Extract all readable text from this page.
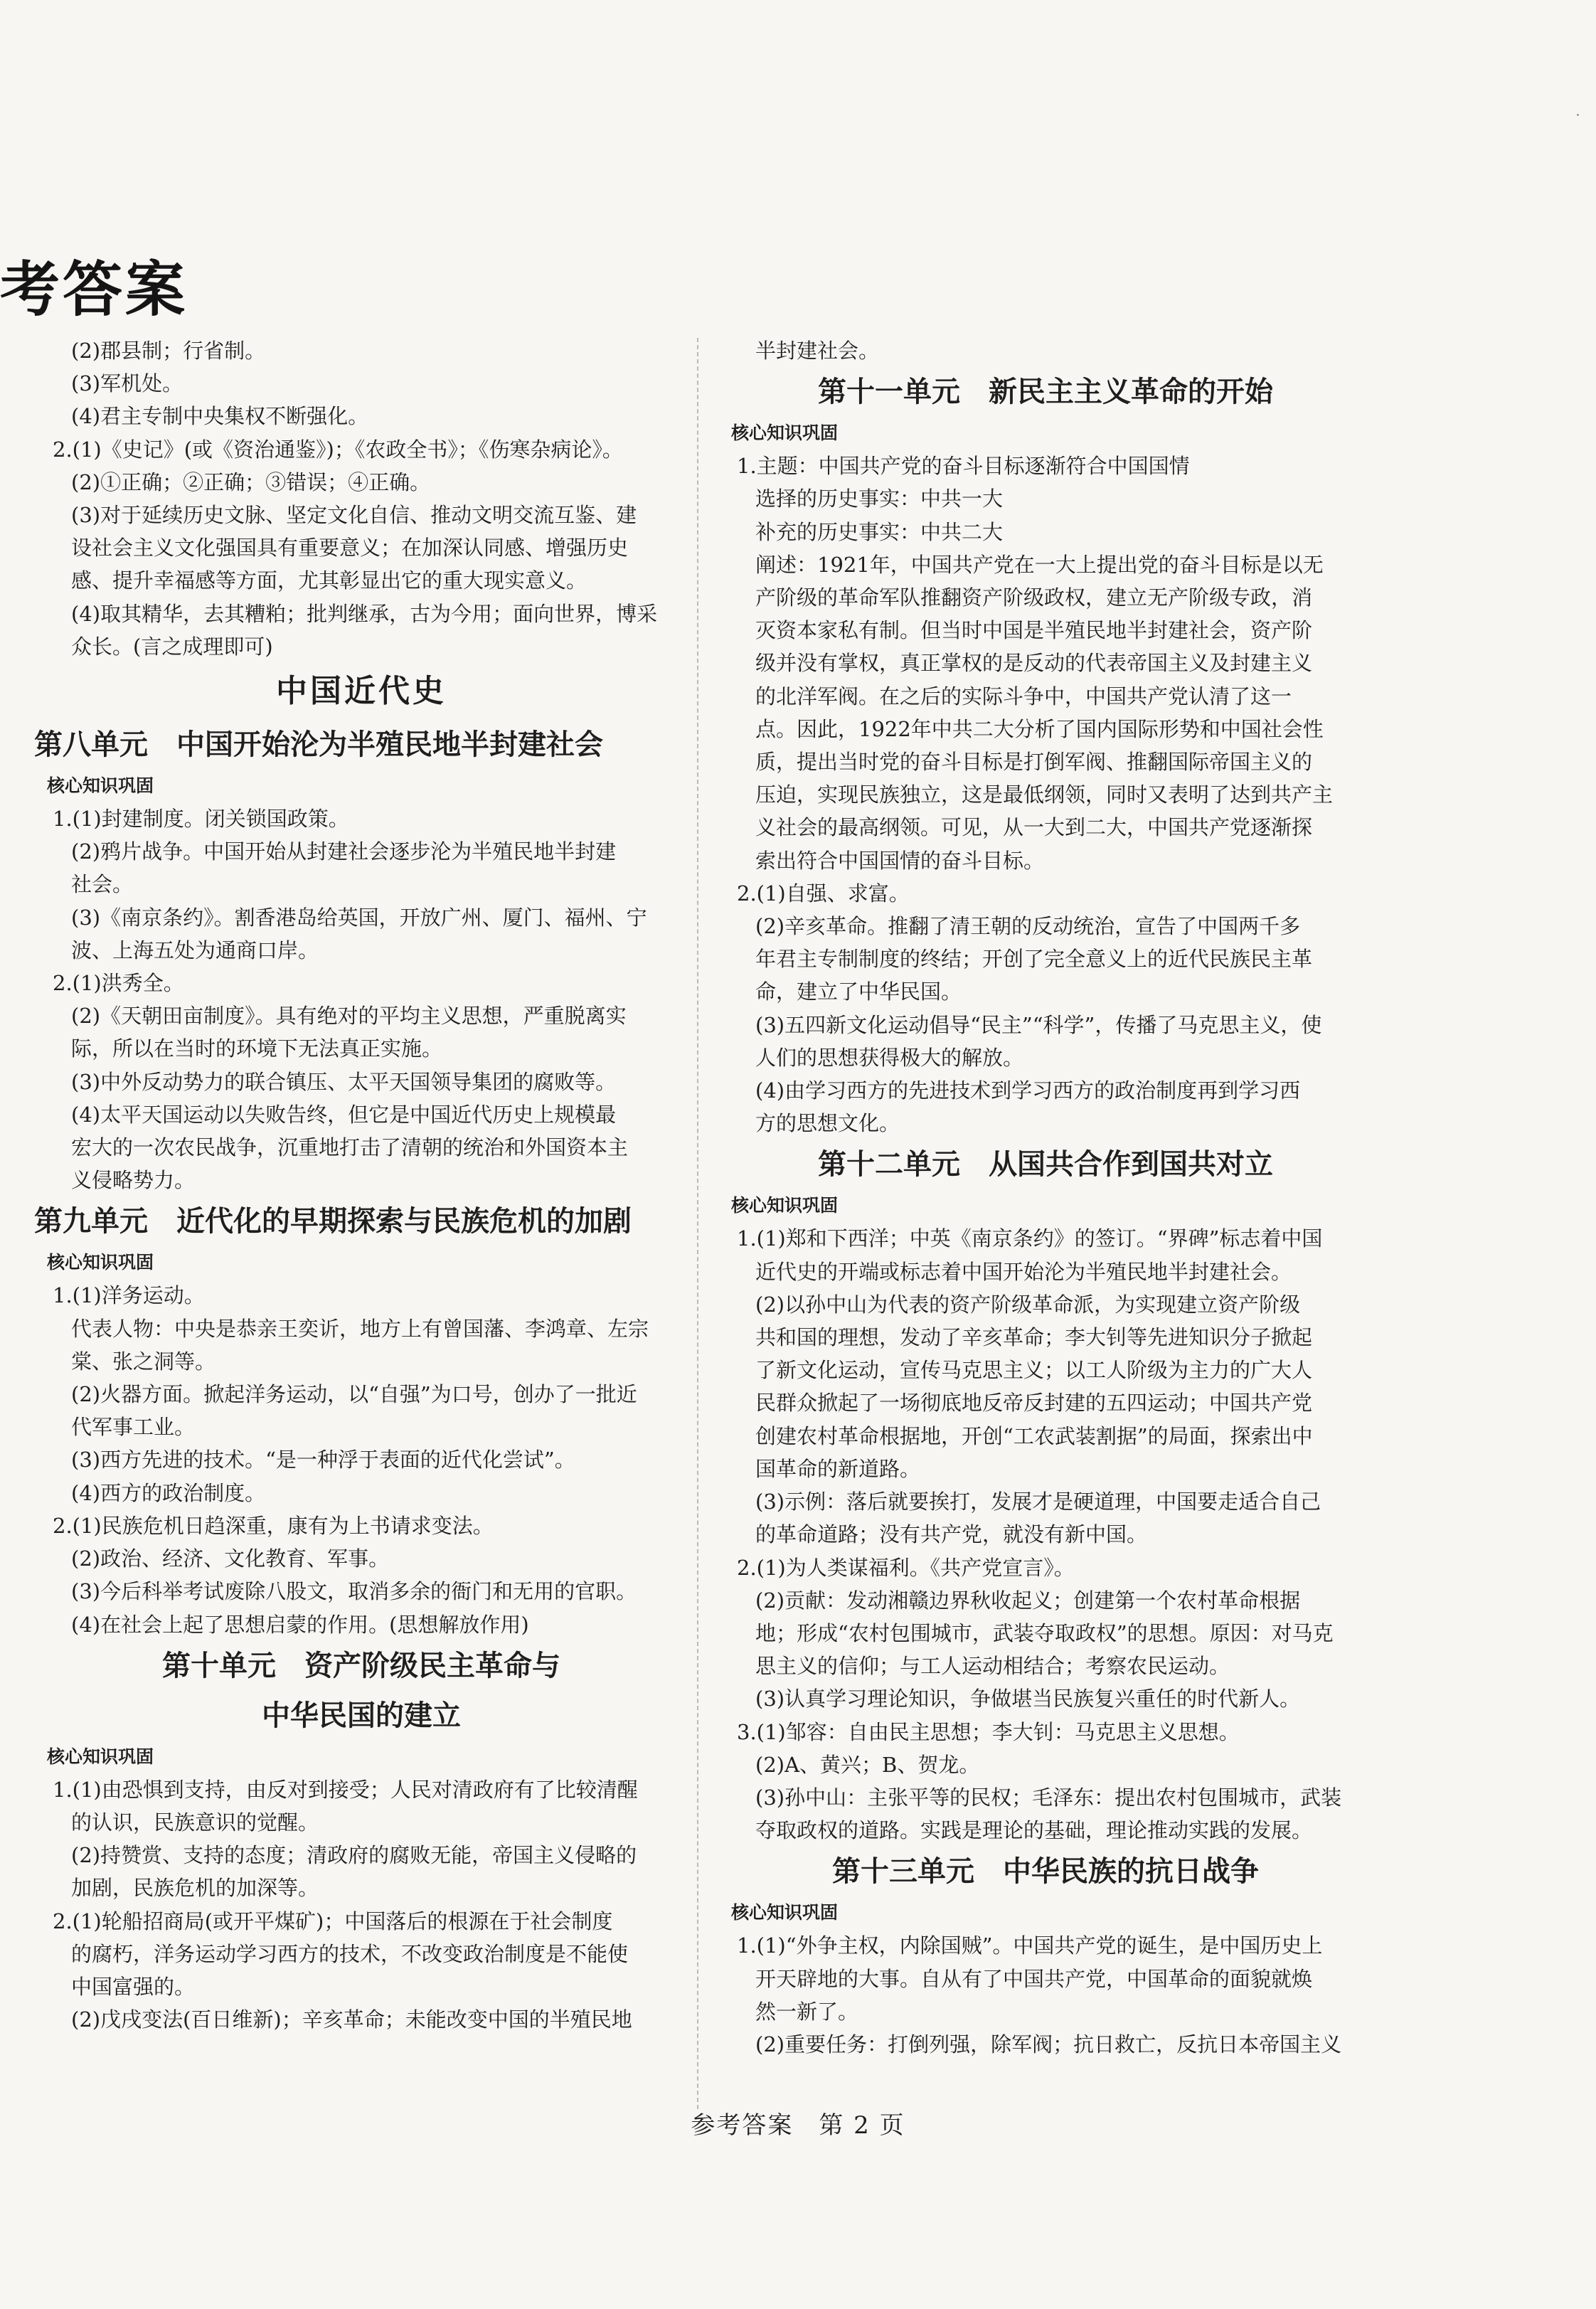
考答案
(2)郡县制；行省制。
(3)军机处。
(4)君主专制中央集权不断强化。
2.(1)《史记》(或《资治通鉴》)；《农政全书》；《伤寒杂病论》。
(2)①正确；②正确；③错误；④正确。
(3)对于延续历史文脉、坚定文化自信、推动文明交流互鉴、建
设社会主义文化强国具有重要意义；在加深认同感、增强历史
感、提升幸福感等方面，尤其彰显出它的重大现实意义。
(4)取其精华，去其糟粕；批判继承，古为今用；面向世界，博采
众长。(言之成理即可)
中国近代史
第八单元　中国开始沦为半殖民地半封建社会
核心知识巩固
1.(1)封建制度。闭关锁国政策。
(2)鸦片战争。中国开始从封建社会逐步沦为半殖民地半封建
社会。
(3)《南京条约》。割香港岛给英国，开放广州、厦门、福州、宁
波、上海五处为通商口岸。
2.(1)洪秀全。
(2)《天朝田亩制度》。具有绝对的平均主义思想，严重脱离实
际，所以在当时的环境下无法真正实施。
(3)中外反动势力的联合镇压、太平天国领导集团的腐败等。
(4)太平天国运动以失败告终，但它是中国近代历史上规模最
宏大的一次农民战争，沉重地打击了清朝的统治和外国资本主
义侵略势力。
第九单元　近代化的早期探索与民族危机的加剧
核心知识巩固
1.(1)洋务运动。
代表人物：中央是恭亲王奕䜣，地方上有曾国藩、李鸿章、左宗
棠、张之洞等。
(2)火器方面。掀起洋务运动，以“自强”为口号，创办了一批近
代军事工业。
(3)西方先进的技术。“是一种浮于表面的近代化尝试”。
(4)西方的政治制度。
2.(1)民族危机日趋深重，康有为上书请求变法。
(2)政治、经济、文化教育、军事。
(3)今后科举考试废除八股文，取消多余的衙门和无用的官职。
(4)在社会上起了思想启蒙的作用。(思想解放作用)
第十单元　资产阶级民主革命与
中华民国的建立
核心知识巩固
1.(1)由恐惧到支持，由反对到接受；人民对清政府有了比较清醒
的认识，民族意识的觉醒。
(2)持赞赏、支持的态度；清政府的腐败无能，帝国主义侵略的
加剧，民族危机的加深等。
2.(1)轮船招商局(或开平煤矿)；中国落后的根源在于社会制度
的腐朽，洋务运动学习西方的技术，不改变政治制度是不能使
中国富强的。
(2)戊戌变法(百日维新)；辛亥革命；未能改变中国的半殖民地
半封建社会。
第十一单元　新民主主义革命的开始
核心知识巩固
1.主题：中国共产党的奋斗目标逐渐符合中国国情
选择的历史事实：中共一大
补充的历史事实：中共二大
阐述：1921年，中国共产党在一大上提出党的奋斗目标是以无
产阶级的革命军队推翻资产阶级政权，建立无产阶级专政，消
灭资本家私有制。但当时中国是半殖民地半封建社会，资产阶
级并没有掌权，真正掌权的是反动的代表帝国主义及封建主义
的北洋军阀。在之后的实际斗争中，中国共产党认清了这一
点。因此，1922年中共二大分析了国内国际形势和中国社会性
质，提出当时党的奋斗目标是打倒军阀、推翻国际帝国主义的
压迫，实现民族独立，这是最低纲领，同时又表明了达到共产主
义社会的最高纲领。可见，从一大到二大，中国共产党逐渐探
索出符合中国国情的奋斗目标。
2.(1)自强、求富。
(2)辛亥革命。推翻了清王朝的反动统治，宣告了中国两千多
年君主专制制度的终结；开创了完全意义上的近代民族民主革
命，建立了中华民国。
(3)五四新文化运动倡导“民主”“科学”，传播了马克思主义，使
人们的思想获得极大的解放。
(4)由学习西方的先进技术到学习西方的政治制度再到学习西
方的思想文化。
第十二单元　从国共合作到国共对立
核心知识巩固
1.(1)郑和下西洋；中英《南京条约》的签订。“界碑”标志着中国
近代史的开端或标志着中国开始沦为半殖民地半封建社会。
(2)以孙中山为代表的资产阶级革命派，为实现建立资产阶级
共和国的理想，发动了辛亥革命；李大钊等先进知识分子掀起
了新文化运动，宣传马克思主义；以工人阶级为主力的广大人
民群众掀起了一场彻底地反帝反封建的五四运动；中国共产党
创建农村革命根据地，开创“工农武装割据”的局面，探索出中
国革命的新道路。
(3)示例：落后就要挨打，发展才是硬道理，中国要走适合自己
的革命道路；没有共产党，就没有新中国。
2.(1)为人类谋福利。《共产党宣言》。
(2)贡献：发动湘赣边界秋收起义；创建第一个农村革命根据
地；形成“农村包围城市，武装夺取政权”的思想。原因：对马克
思主义的信仰；与工人运动相结合；考察农民运动。
(3)认真学习理论知识，争做堪当民族复兴重任的时代新人。
3.(1)邹容：自由民主思想；李大钊：马克思主义思想。
(2)A、黄兴；B、贺龙。
(3)孙中山：主张平等的民权；毛泽东：提出农村包围城市，武装
夺取政权的道路。实践是理论的基础，理论推动实践的发展。
第十三单元　中华民族的抗日战争
核心知识巩固
1.(1)“外争主权，内除国贼”。中国共产党的诞生，是中国历史上
开天辟地的大事。自从有了中国共产党，中国革命的面貌就焕
然一新了。
(2)重要任务：打倒列强，除军阀；抗日救亡，反抗日本帝国主义
参考答案　第 2 页
